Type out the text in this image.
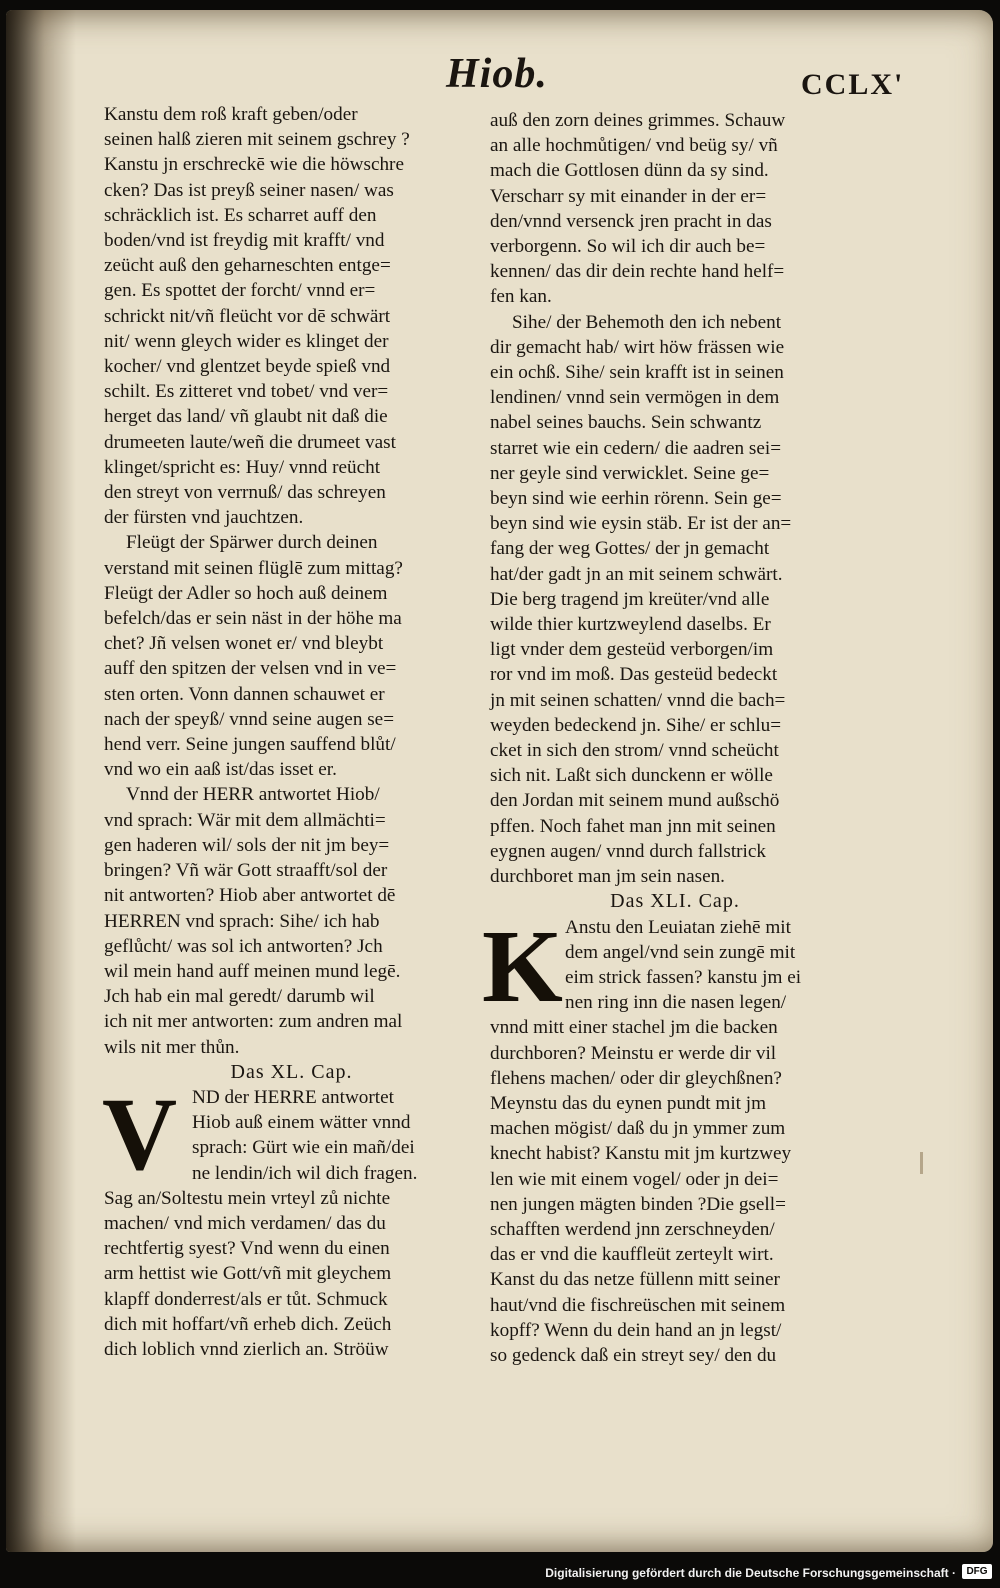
Hiob.	CCLX'

Kanstu dem roß kraft geben/oder

seinen halß zieren mit seinem gschrey ?

Kanstu jn erschreckē wie die höwschre

cken? Das ist preyß seiner nasen/ was

schräcklich ist. Es scharret auff den

boden/vnd ist freydig mit krafft/ vnd

zeücht auß den geharneschten entge=

gen. Es spottet der forcht/ vnnd er=

schrickt nit/vñ fleücht vor dē schwärt

nit/ wenn gleych wider es klinget der

kocher/ vnd glentzet beyde spieß vnd

schilt. Es zitteret vnd tobet/ vnd ver=

herget das land/ vñ glaubt nit daß die

drumeeten laute/weñ die drumeet vast

klinget/spricht es: Huy/ vnnd reücht

den streyt von verrnuß/ das schreyen

der fürsten vnd jauchtzen.

Fleügt der Spärwer durch deinen

verstand mit seinen flüglē zum mittag?

Fleügt der Adler so hoch auß deinem

befelch/das er sein näst in der höhe ma

chet? Jñ velsen wonet er/ vnd bleybt

auff den spitzen der velsen vnd in ve=

sten orten. Vonn dannen schauwet er

nach der speyß/ vnnd seine augen se=

hend verr. Seine jungen sauffend blůt/

vnd wo ein aaß ist/das isset er.

Vnnd der HERR antwortet Hiob/

vnd sprach: Wär mit dem allmächti=

gen haderen wil/ sols der nit jm bey=

bringen? Vñ wär Gott straafft/sol der

nit antworten? Hiob aber antwortet dē

HERREN vnd sprach: Sihe/ ich hab

geflůcht/ was sol ich antworten? Jch

wil mein hand auff meinen mund legē.

Jch hab ein mal geredt/ darumb wil

ich nit mer antworten: zum andren mal

wils nit mer thůn.

Das XL. Cap.

V ND der HERRE antwortet

Hiob auß einem wätter vnnd

sprach: Gürt wie ein mañ/dei

ne lendin/ich wil dich fragen.

Sag an/Soltestu mein vrteyl zů nichte

machen/ vnd mich verdamen/ das du

rechtfertig syest? Vnd wenn du einen

arm hettist wie Gott/vñ mit gleychem

klapff donderrest/als er tůt. Schmuck

dich mit hoffart/vñ erheb dich. Zeüch

dich loblich vnnd zierlich an. Ströüw

auß den zorn deines grimmes. Schauw

an alle hochmůtigen/ vnd beüg sy/ vñ

mach die Gottlosen dünn da sy sind.

Verscharr sy mit einander in der er=

den/vnnd versenck jren pracht in das

verborgenn. So wil ich dir auch be=

kennen/ das dir dein rechte hand helf=

fen kan.

Sihe/ der Behemoth den ich nebent

dir gemacht hab/ wirt höw frässen wie

ein ochß. Sihe/ sein krafft ist in seinen

lendinen/ vnnd sein vermögen in dem

nabel seines bauchs. Sein schwantz

starret wie ein cedern/ die aadren sei=

ner geyle sind verwicklet. Seine ge=

beyn sind wie eerhin rörenn. Sein ge=

beyn sind wie eysin stäb. Er ist der an=

fang der weg Gottes/ der jn gemacht

hat/der gadt jn an mit seinem schwärt.

Die berg tragend jm kreüter/vnd alle

wilde thier kurtzweylend daselbs. Er

ligt vnder dem gesteüd verborgen/im

ror vnd im moß. Das gesteüd bedeckt

jn mit seinen schatten/ vnnd die bach=

weyden bedeckend jn. Sihe/ er schlu=

cket in sich den strom/ vnnd scheücht

sich nit. Laßt sich dunckenn er wölle

den Jordan mit seinem mund außschö

pffen. Noch fahet man jnn mit seinen

eygnen augen/ vnnd durch fallstrick

durchboret man jm sein nasen.

Das XLI. Cap.

K Anstu den Leuiatan ziehē mit

dem angel/vnd sein zungē mit

eim strick fassen? kanstu jm ei

nen ring inn die nasen legen/

vnnd mitt einer stachel jm die backen

durchboren? Meinstu er werde dir vil

flehens machen/ oder dir gleychßnen?

Meynstu das du eynen pundt mit jm

machen mögist/ daß du jn ymmer zum

knecht habist? Kanstu mit jm kurtzwey

len wie mit einem vogel/ oder jn dei=

nen jungen mägten binden ?Die gsell=

schafften werdend jnn zerschneyden/

das er vnd die kauffleüt zerteylt wirt.

Kanst du das netze füllenn mitt seiner

haut/vnd die fischreüschen mit seinem

kopff? Wenn du dein hand an jn legst/

so gedenck daß ein streyt sey/ den du

Digitalisierung gefördert durch die Deutsche Forschungsgemeinschaft ·	DFG
